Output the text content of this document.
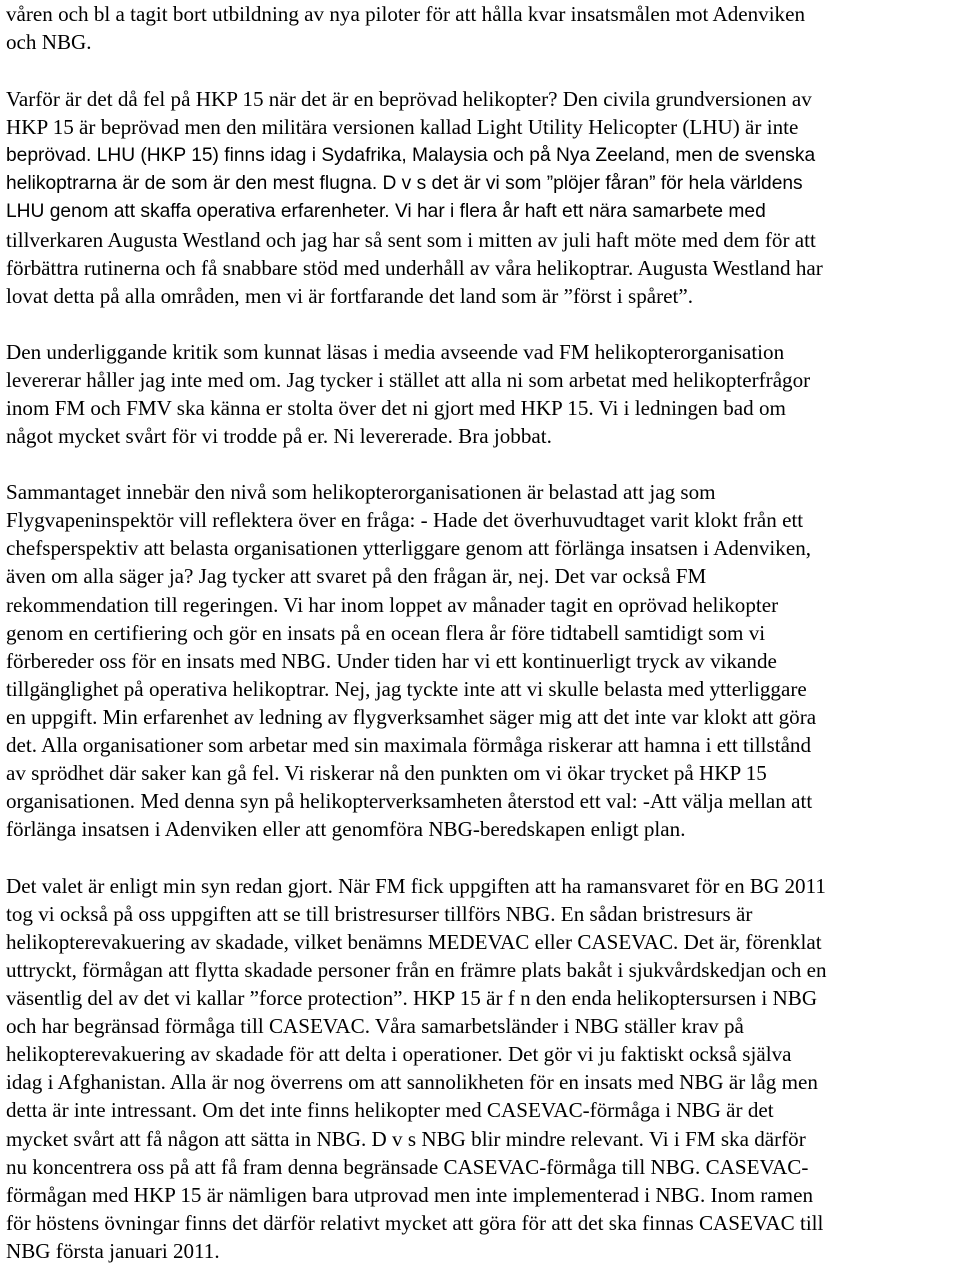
våren och bl a tagit bort utbildning av nya piloter för att hålla kvar insatsmålen mot Adenviken

och NBG.

Varför är det då fel på HKP 15 när det är en beprövad helikopter? Den civila grundversionen av

HKP 15 är beprövad men den militära versionen kallad Light Utility Helicopter (LHU) är inte

beprövad. LHU (HKP 15) finns idag i Sydafrika, Malaysia och på Nya Zeeland, men de svenska

helikoptrarna är de som är den mest flugna. D v s det är vi som ”plöjer fåran” för hela världens

LHU genom att skaffa operativa erfarenheter. Vi har i flera år haft ett nära samarbete med

tillverkaren Augusta Westland och jag har så sent som i mitten av juli haft möte med dem för att

förbättra rutinerna och få snabbare stöd med underhåll av våra helikoptrar. Augusta Westland har

lovat detta på alla områden, men vi är fortfarande det land som är ”först i spåret”.

Den underliggande kritik som kunnat läsas i media avseende vad FM helikopterorganisation

levererar håller jag inte med om. Jag tycker i stället att alla ni som arbetat med helikopterfrågor

inom FM och FMV ska känna er stolta över det ni gjort med HKP 15. Vi i ledningen bad om

något mycket svårt för vi trodde på er. Ni levererade. Bra jobbat.

Sammantaget innebär den nivå som helikopterorganisationen är belastad att jag som

Flygvapeninspektör vill reflektera över en fråga: - Hade det överhuvudtaget varit klokt från ett

chefsperspektiv att belasta organisationen ytterliggare genom att förlänga insatsen i Adenviken,

även om alla säger ja? Jag tycker att svaret på den frågan är, nej. Det var också FM

rekommendation till regeringen. Vi har inom loppet av månader tagit en oprövad helikopter

genom en certifiering och gör en insats på en ocean flera år före tidtabell samtidigt som vi

förbereder oss för en insats med NBG. Under tiden har vi ett kontinuerligt tryck av vikande

tillgänglighet på operativa helikoptrar. Nej, jag tyckte inte att vi skulle belasta med ytterliggare

en uppgift. Min erfarenhet av ledning av flygverksamhet säger mig att det inte var klokt att göra

det. Alla organisationer som arbetar med sin maximala förmåga riskerar att hamna i ett tillstånd

av sprödhet där saker kan gå fel. Vi riskerar nå den punkten om vi ökar trycket på HKP 15

organisationen. Med denna syn på helikopterverksamheten återstod ett val: -Att välja mellan att

förlänga insatsen i Adenviken eller att genomföra NBG-beredskapen enligt plan.

Det valet är enligt min syn redan gjort. När FM fick uppgiften att ha ramansvaret för en BG 2011

tog vi också på oss uppgiften att se till bristresurser tillförs NBG. En sådan bristresurs är

helikopterevakuering av skadade, vilket benämns MEDEVAC eller CASEVAC. Det är, förenklat

uttryckt, förmågan att flytta skadade personer från en främre plats bakåt i sjukvårdskedjan och en

väsentlig del av det vi kallar ”force protection”. HKP 15 är f n den enda helikoptersursen i NBG

och har begränsad förmåga till CASEVAC. Våra samarbetsländer i NBG ställer krav på

helikopterevakuering av skadade för att delta i operationer. Det gör vi ju faktiskt också själva

idag i Afghanistan. Alla är nog överrens om att sannolikheten för en insats med NBG är låg men

detta är inte intressant. Om det inte finns helikopter med CASEVAC-förmåga i NBG är det

mycket svårt att få någon att sätta in NBG. D v s NBG blir mindre relevant. Vi i FM ska därför

nu koncentrera oss på att få fram denna begränsade CASEVAC-förmåga till NBG. CASEVAC-

förmågan med HKP 15 är nämligen bara utprovad men inte implementerad i NBG. Inom ramen

för höstens övningar finns det därför relativt mycket att göra för att det ska finnas CASEVAC till

NBG första januari 2011.
